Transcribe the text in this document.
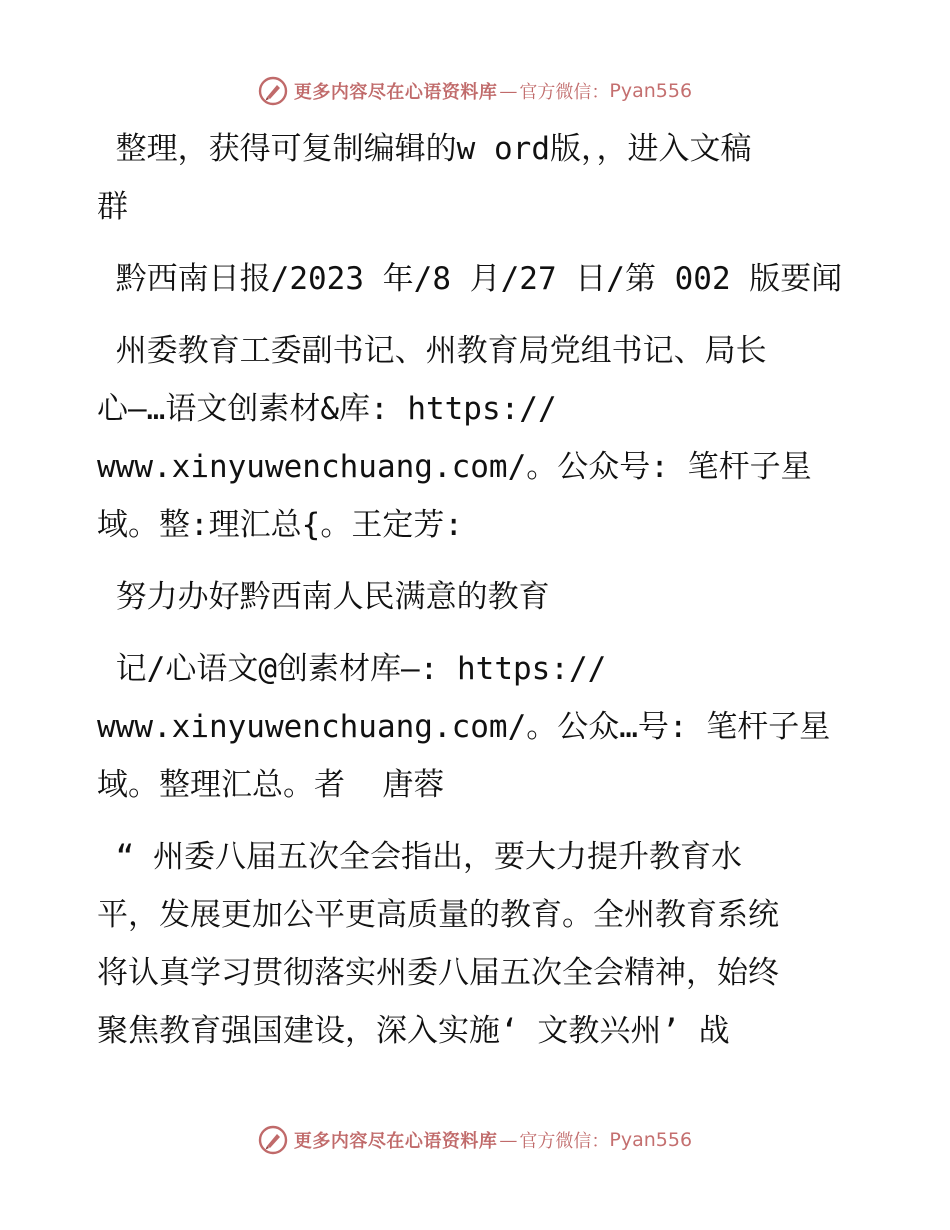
更多内容尽在心语资料库 — 官方微信： Pyan556

整理，获得可复制编辑的w ord版，，进入文稿

群

黔西南日报/2023 年/8 月/27 日/第 002 版要闻

州委教育工委副书记、州教育局党组书记、局长

心—…语文创素材&库: https://

www.xinyuwenchuang.com/。公众号: 笔杆子星

域。整:理汇总{。王定芳:

努力办好黔西南人民满意的教育

记/心语文@创素材库—: https://

www.xinyuwenchuang.com/。公众…号: 笔杆子星

域。整理汇总。者  唐蓉

“ 州委八届五次全会指出，要大力提升教育水

平，发展更加公平更高质量的教育。全州教育系统

将认真学习贯彻落实州委八届五次全会精神，始终

聚焦教育强国建设，深入实施‘ 文教兴州’ 战

更多内容尽在心语资料库 — 官方微信： Pyan556
